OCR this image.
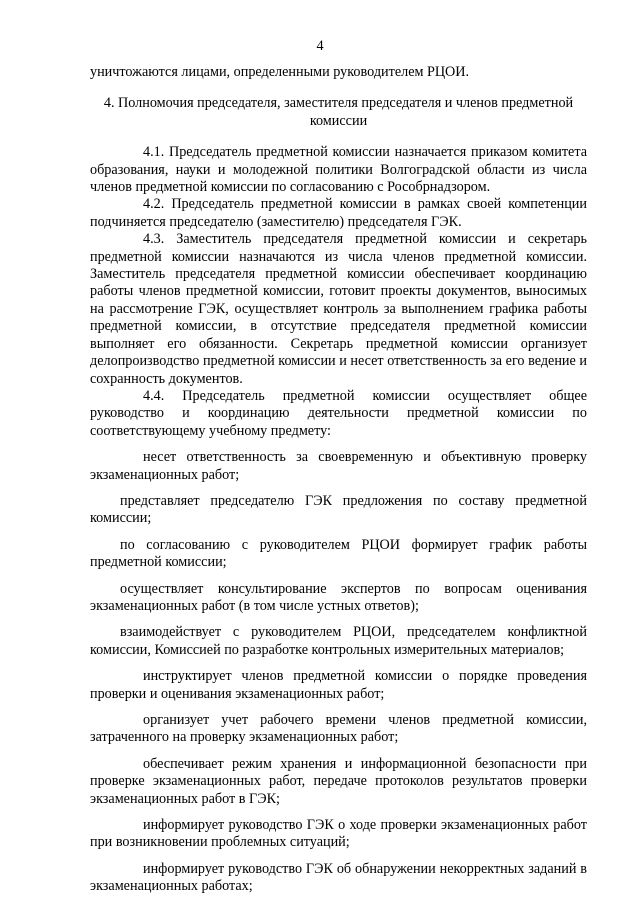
4

уничтожаются лицами, определенными руководителем РЦОИ.

4. Полномочия председателя, заместителя председателя и членов предметной комиссии

4.1. Председатель предметной комиссии назначается приказом комитета образования, науки и молодежной политики Волгоградской области из числа членов предметной комиссии по согласованию с Рособрнадзором.

4.2. Председатель предметной комиссии в рамках своей компетенции подчиняется председателю (заместителю) председателя ГЭК.

4.3. Заместитель председателя предметной комиссии и секретарь предметной комиссии назначаются из числа членов предметной комиссии. Заместитель председателя предметной комиссии обеспечивает координацию работы членов предметной комиссии, готовит проекты документов, выносимых на рассмотрение ГЭК, осуществляет контроль за выполнением графика работы предметной комиссии, в отсутствие председателя предметной комиссии выполняет его обязанности. Секретарь предметной комиссии организует делопроизводство предметной комиссии и несет ответственность за его ведение и сохранность документов.

4.4. Председатель предметной комиссии осуществляет общее руководство и координацию деятельности предметной комиссии по соответствующему учебному предмету:

несет ответственность за своевременную и объективную проверку экзаменационных работ;

представляет председателю ГЭК предложения по составу предметной комиссии;

по согласованию с руководителем РЦОИ формирует график работы предметной комиссии;

осуществляет консультирование экспертов по вопросам оценивания экзаменационных работ (в том числе устных ответов);

взаимодействует с руководителем РЦОИ, председателем конфликтной комиссии, Комиссией по разработке контрольных измерительных материалов;

инструктирует членов предметной комиссии о порядке проведения проверки и оценивания экзаменационных работ;

организует учет рабочего времени членов предметной комиссии, затраченного на проверку экзаменационных работ;

обеспечивает режим хранения и информационной безопасности при проверке экзаменационных работ, передаче протоколов результатов проверки экзаменационных работ в ГЭК;

информирует руководство ГЭК о ходе проверки экзаменационных работ при возникновении проблемных ситуаций;

информирует руководство ГЭК об обнаружении некорректных заданий в экзаменационных работах;
